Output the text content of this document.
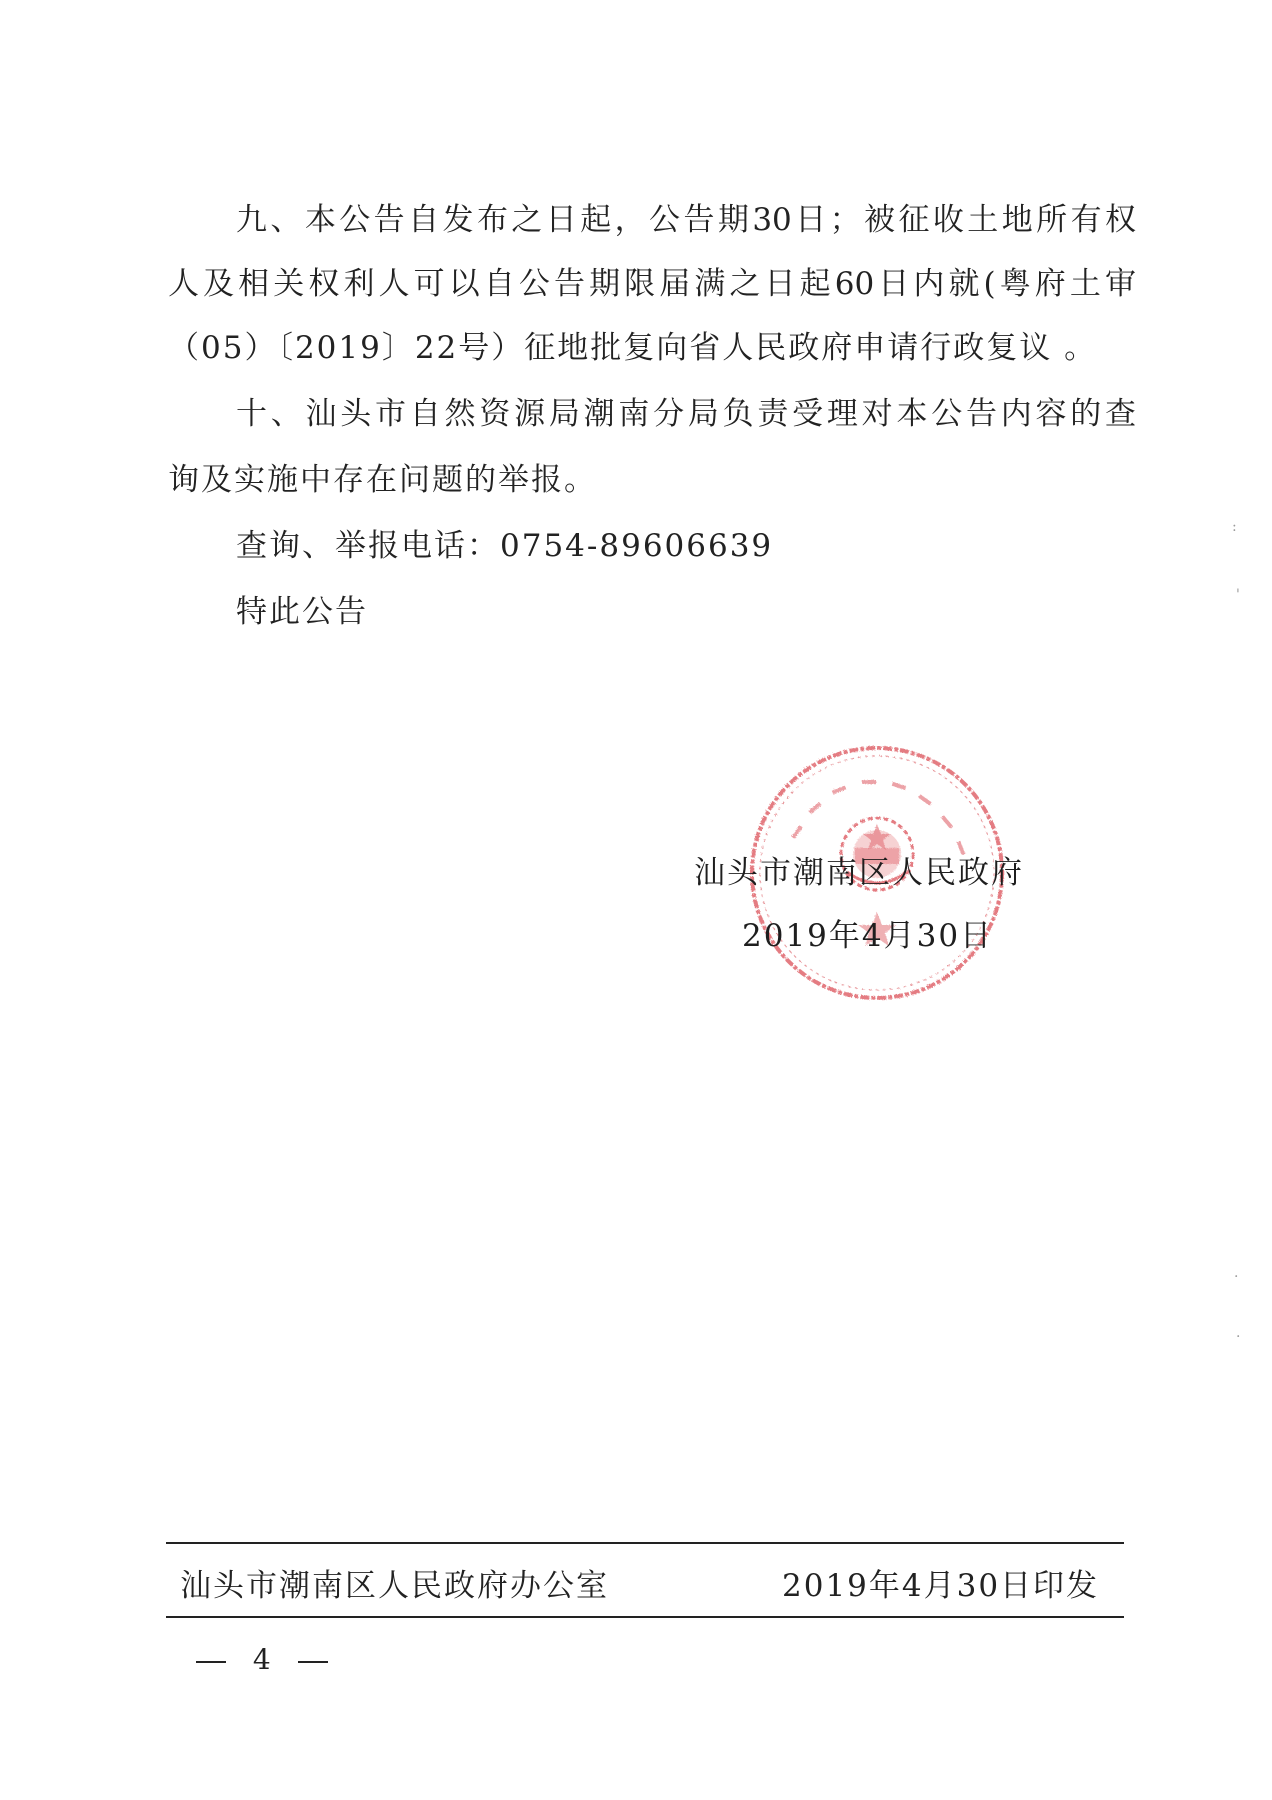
九、本公告自发布之日起，公告期30日；被征收土地所有权
人及相关权利人可以自公告期限届满之日起60日内就(粤府土审
（05）〔2019〕22号）征地批复向省人民政府申请行政复议 。
十、汕头市自然资源局潮南分局负责受理对本公告内容的查
询及实施中存在问题的举报。
查询、举报电话：0754-89606639
特此公告
汕头市潮南区人民政府
2019年4月30日
汕头市潮南区人民政府办公室	2019年4月30日印发
4
:
'
·
·
